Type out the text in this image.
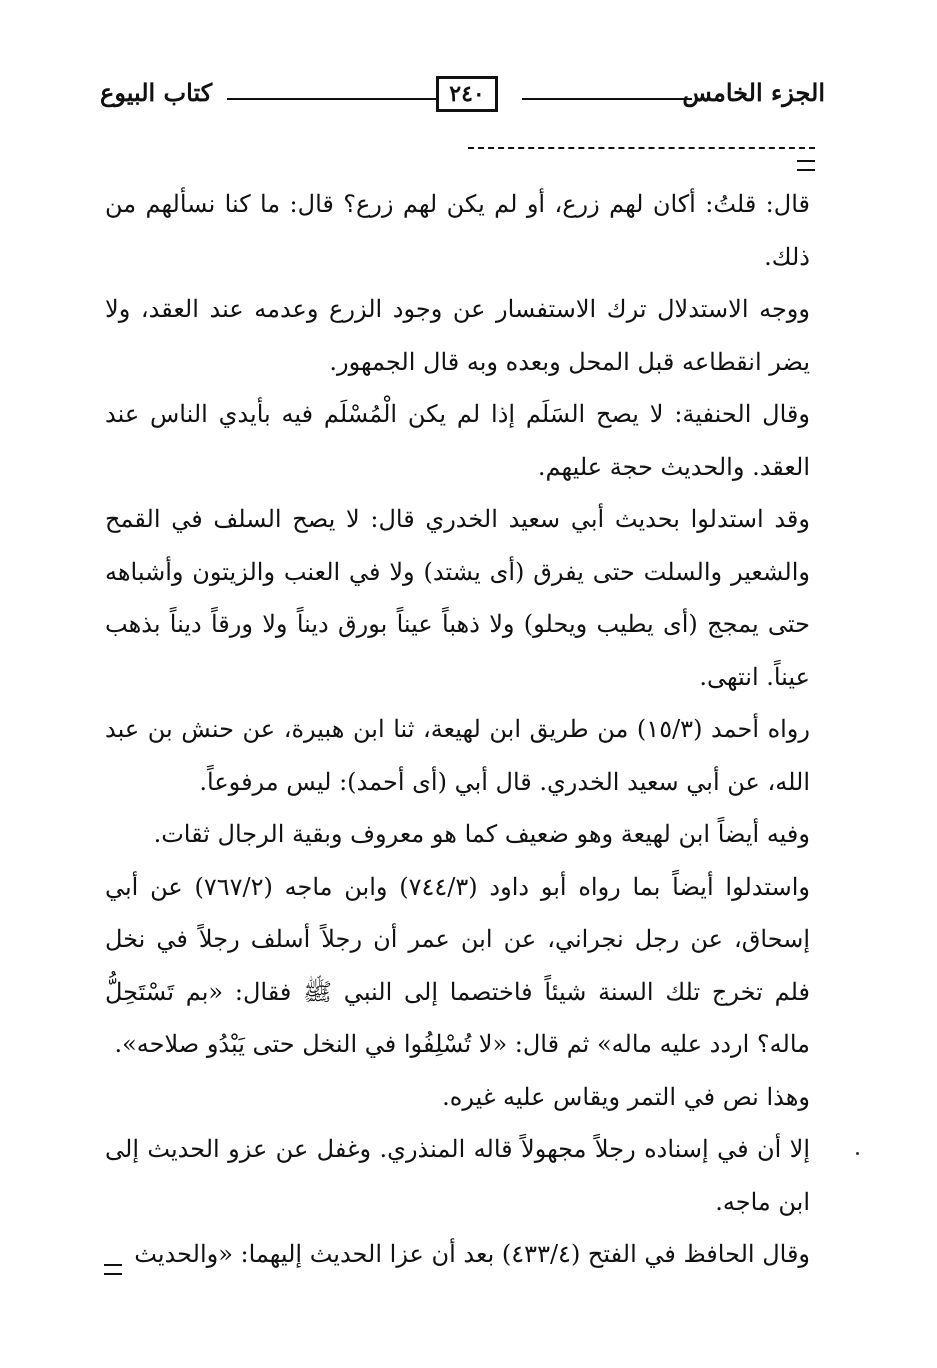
الجزء الخامس
٢٤٠
كتاب البيوع

قال: قلتُ: أكان لهم زرع، أو لم يكن لهم زرع؟ قال: ما كنا نسألهم من ذلك.

ووجه الاستدلال ترك الاستفسار عن وجود الزرع وعدمه عند العقد، ولا يضر انقطاعه قبل المحل وبعده وبه قال الجمهور.

وقال الحنفية: لا يصح السَلَم إذا لم يكن الْمُسْلَم فيه بأيدي الناس عند العقد. والحديث حجة عليهم.

وقد استدلوا بحديث أبي سعيد الخدري قال: لا يصح السلف في القمح والشعير والسلت حتى يفرق (أى يشتد) ولا في العنب والزيتون وأشباهه حتى يمجج (أى يطيب ويحلو) ولا ذهباً عيناً بورق ديناً ولا ورقاً ديناً بذهب عيناً. انتهى.

رواه أحمد (١٥/٣) من طريق ابن لهيعة، ثنا ابن هبيرة، عن حنش بن عبد الله، عن أبي سعيد الخدري. قال أبي (أى أحمد): ليس مرفوعاً.

وفيه أيضاً ابن لهيعة وهو ضعيف كما هو معروف وبقية الرجال ثقات.

واستدلوا أيضاً بما رواه أبو داود (٧٤٤/٣) وابن ماجه (٧٦٧/٢) عن أبي إسحاق، عن رجل نجراني، عن ابن عمر أن رجلاً أسلف رجلاً في نخل فلم تخرج تلك السنة شيئاً فاختصما إلى النبي ﷺ فقال: «بم تَسْتَحِلُّ ماله؟ اردد عليه ماله» ثم قال: «لا تُسْلِفُوا في النخل حتى يَبْدُو صلاحه».

وهذا نص في التمر ويقاس عليه غيره.

إلا أن في إسناده رجلاً مجهولاً قاله المنذري. وغفل عن عزو الحديث إلى ابن ماجه.

وقال الحافظ في الفتح (٤٣٣/٤) بعد أن عزا الحديث إليهما: «والحديث
